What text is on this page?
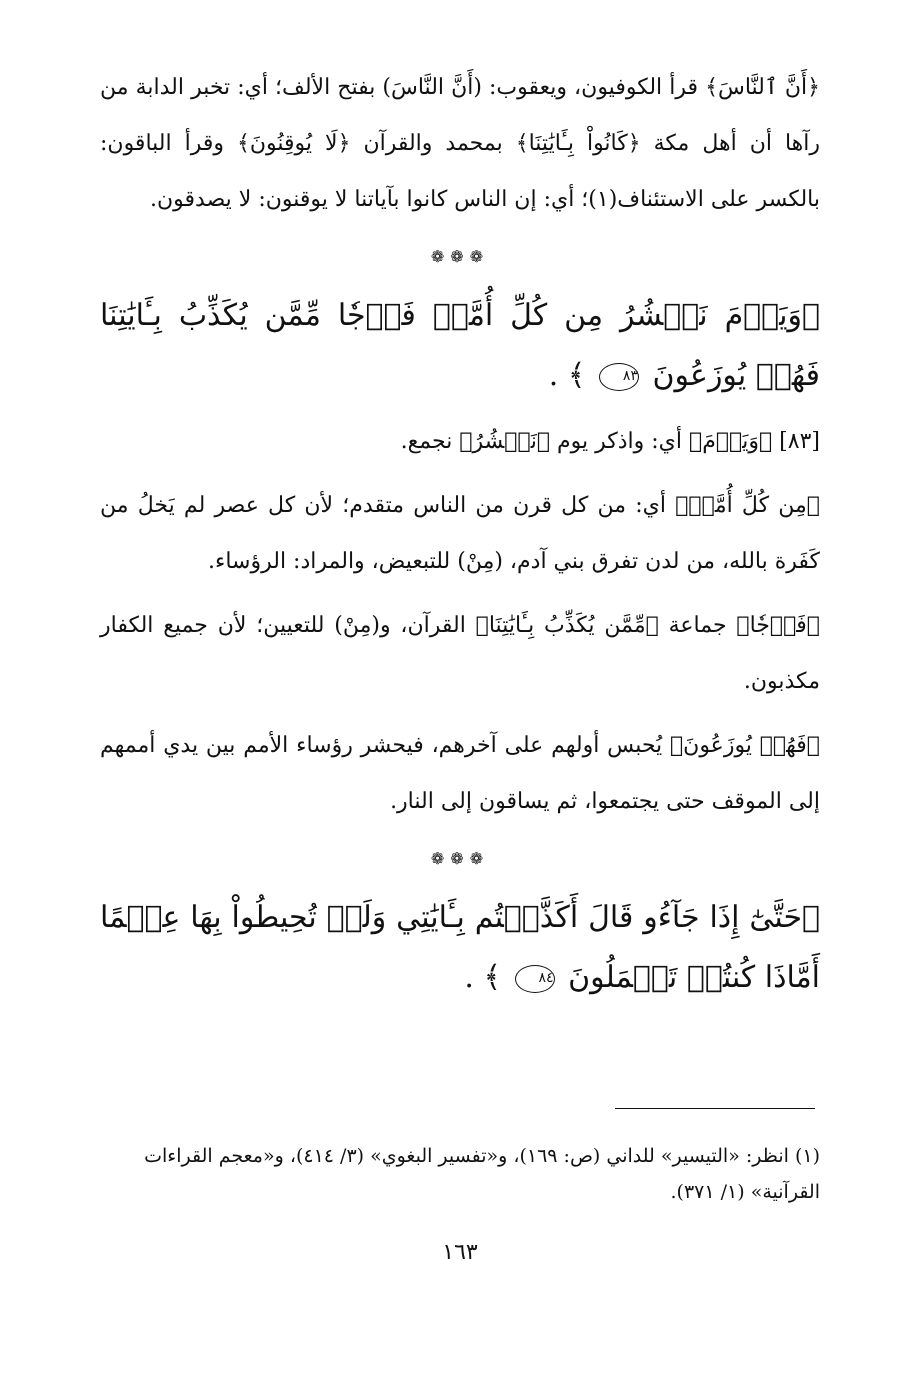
﴿أَنَّ ٱلنَّاسَ﴾ قرأ الكوفيون، ويعقوب: (أَنَّ النَّاسَ) بفتح الألف؛ أي: تخبر الدابة من رآها أن أهل مكة ﴿كَانُواْ بِـَٔايَٰتِنَا﴾ بمحمد والقرآن ﴿لَا يُوقِنُونَ﴾ وقرأ الباقون: بالكسر على الاستئناف(١)؛ أي: إن الناس كانوا بآياتنا لا يوقنون: لا يصدقون.

❁❁❁

﴿وَيَوۡمَ نَحۡشُرُ مِن كُلِّ أُمَّةٖ فَوۡجٗا مِّمَّن يُكَذِّبُ بِـَٔايَٰتِنَا فَهُمۡ يُوزَعُونَ ٨٣ ﴾ .

[٨٣] ﴿وَيَوۡمَ﴾ أي: واذكر يوم ﴿نَحۡشُرُ﴾ نجمع.

﴿مِن كُلِّ أُمَّةٖ﴾ أي: من كل قرن من الناس متقدم؛ لأن كل عصر لم يَخلُ من كَفَرة بالله، من لدن تفرق بني آدم، (مِنْ) للتبعيض، والمراد: الرؤساء.

﴿فَوۡجٗا﴾ جماعة ﴿مِّمَّن يُكَذِّبُ بِـَٔايَٰتِنَا﴾ القرآن، و(مِنْ) للتعيين؛ لأن جميع الكفار مكذبون.

﴿فَهُمۡ يُوزَعُونَ﴾ يُحبس أولهم على آخرهم، فيحشر رؤساء الأمم بين يدي أممهم إلى الموقف حتى يجتمعوا، ثم يساقون إلى النار.

❁❁❁

﴿حَتَّىٰٓ إِذَا جَآءُو قَالَ أَكَذَّبۡتُم بِـَٔايَٰتِي وَلَمۡ تُحِيطُواْ بِهَا عِلۡمًا أَمَّاذَا كُنتُمۡ تَعۡمَلُونَ ٨٤ ﴾ .

(١) انظر: «التيسير» للداني (ص: ١٦٩)، و«تفسير البغوي» (٣/ ٤١٤)، و«معجم القراءات القرآنية» (١/ ٣٧١).

١٦٣
